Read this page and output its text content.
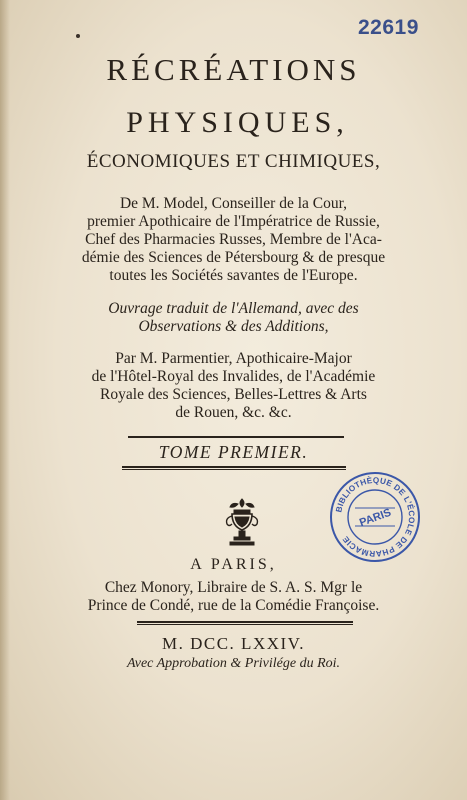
22619
RÉCRÉATIONS
PHYSIQUES,
ÉCONOMIQUES ET CHIMIQUES,
De M. Model, Conseiller de la Cour,
premier Apothicaire de l'Impératrice de Russie,
Chef des Pharmacies Russes, Membre de l'Aca-
démie des Sciences de Pétersbourg & de presque
toutes les Sociétés savantes de l'Europe.
Ouvrage traduit de l'Allemand, avec des
Observations & des Additions,
Par M. Parmentier, Apothicaire-Major
de l'Hôtel-Royal des Invalides, de l'Académie
Royale des Sciences, Belles-Lettres & Arts
de Rouen, &c. &c.
TOME PREMIER.
BIBLIOTHÈQUE DE L'ÉCOLE DE PHARMACIE
PARIS
A PARIS,
Chez Monory, Libraire de S. A. S. Mgr le
Prince de Condé, rue de la Comédie Françoise.
M. DCC. LXXIV.
Avec Approbation & Privilége du Roi.
